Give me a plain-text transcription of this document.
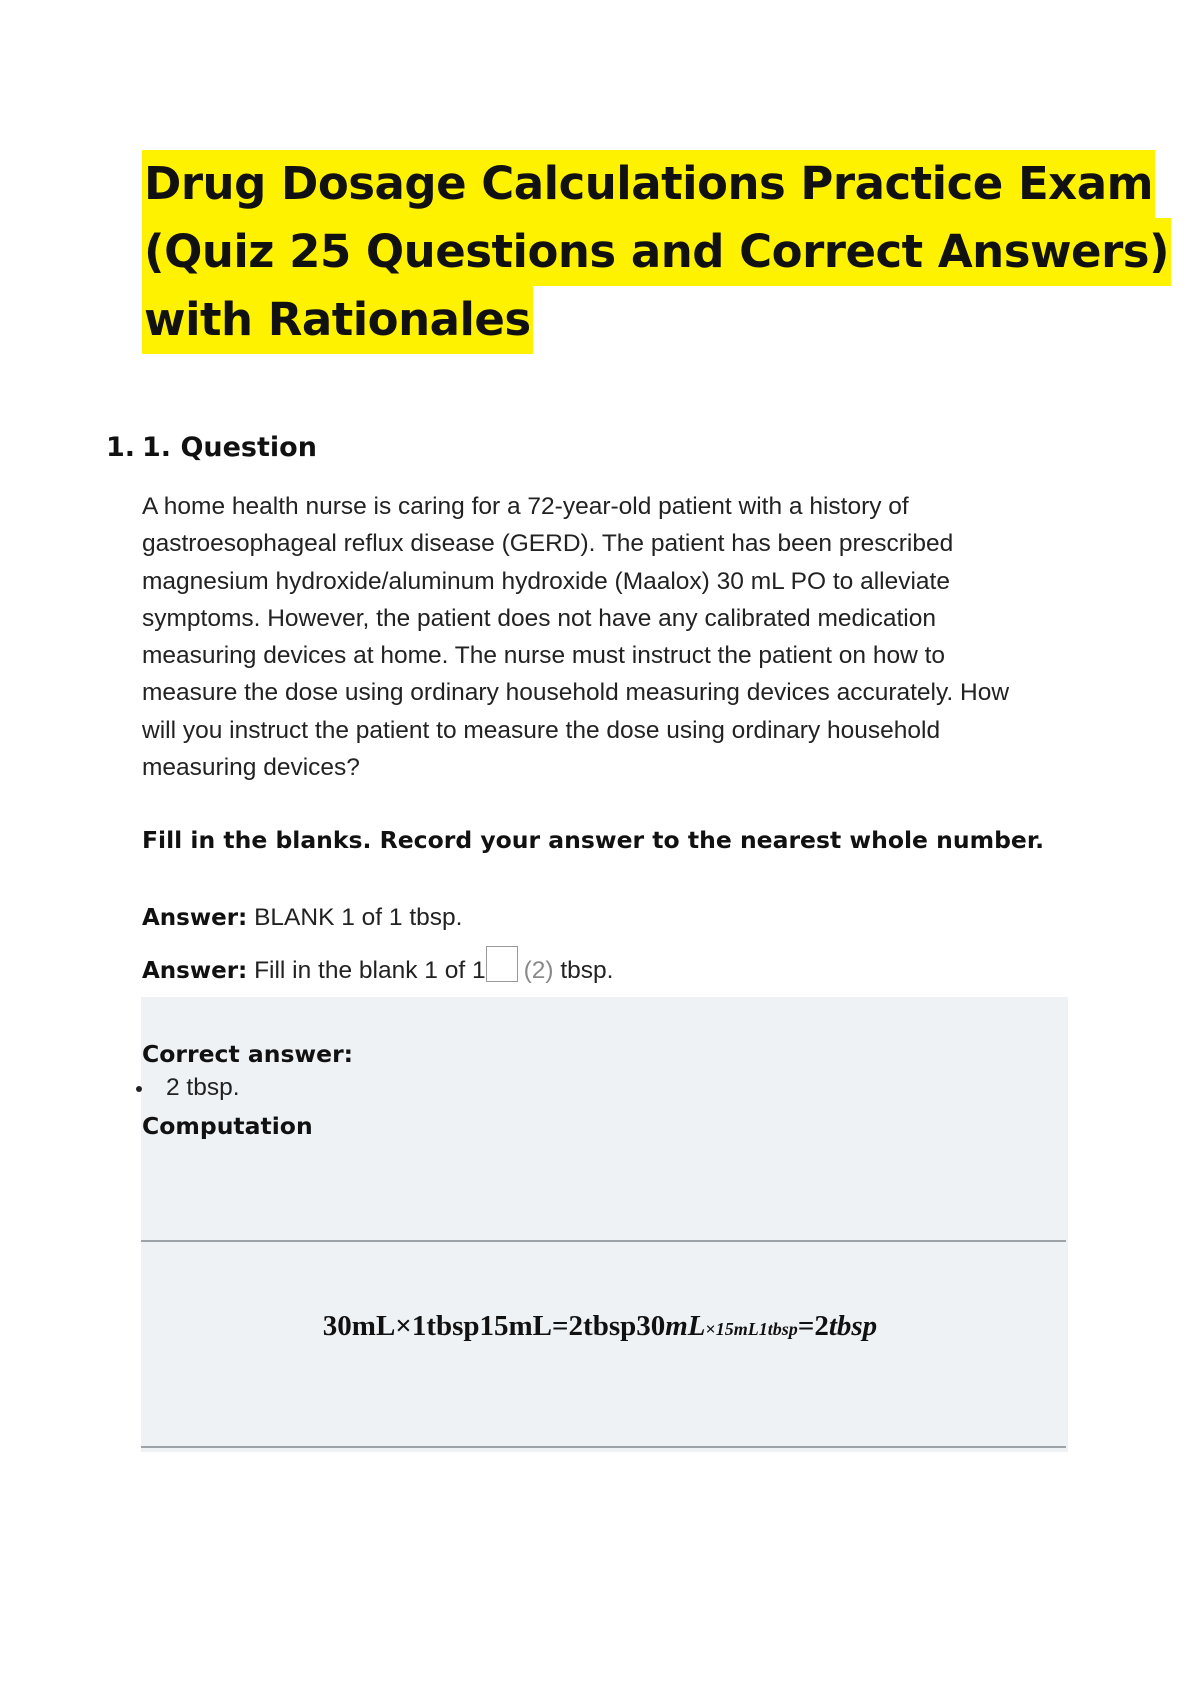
Drug Dosage Calculations Practice Exam
(Quiz 25 Questions and Correct Answers)
with Rationales
1. 1. Question

A home health nurse is caring for a 72-year-old patient with a history of

gastroesophageal reflux disease (GERD). The patient has been prescribed

magnesium hydroxide/aluminum hydroxide (Maalox) 30 mL PO to alleviate

symptoms. However, the patient does not have any calibrated medication

measuring devices at home. The nurse must instruct the patient on how to

measure the dose using ordinary household measuring devices accurately. How

will you instruct the patient to measure the dose using ordinary household

measuring devices?

Fill in the blanks. Record your answer to the nearest whole number.
Answer: BLANK 1 of 1 tbsp.
Answer: Fill in the blank 1 of 1 (2) tbsp.
Correct answer:
2 tbsp.
Computation
30mL×1tbsp15mL=2tbsp30mL×15mL1tbsp=2tbsp
